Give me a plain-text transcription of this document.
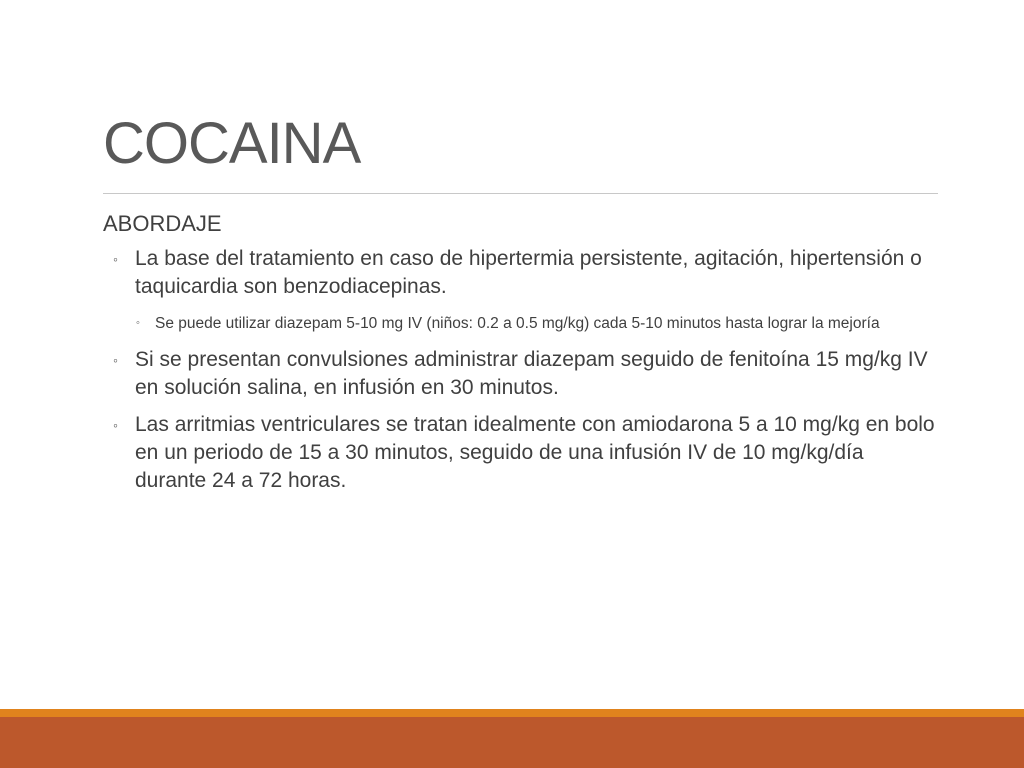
COCAINA
ABORDAJE
◦ La base del tratamiento en caso de hipertermia persistente, agitación, hipertensión o taquicardia son benzodiacepinas.
◦ Se puede utilizar diazepam 5-10 mg IV (niños: 0.2 a 0.5 mg/kg) cada 5-10 minutos hasta lograr la mejoría
◦ Si se presentan convulsiones administrar diazepam seguido de fenitoína 15 mg/kg IV en solución salina, en infusión en 30 minutos.
◦ Las arritmias ventriculares se tratan idealmente con amiodarona 5 a 10 mg/kg en bolo en un periodo de 15 a 30 minutos, seguido de una infusión IV de 10 mg/kg/día durante 24 a 72 horas.
